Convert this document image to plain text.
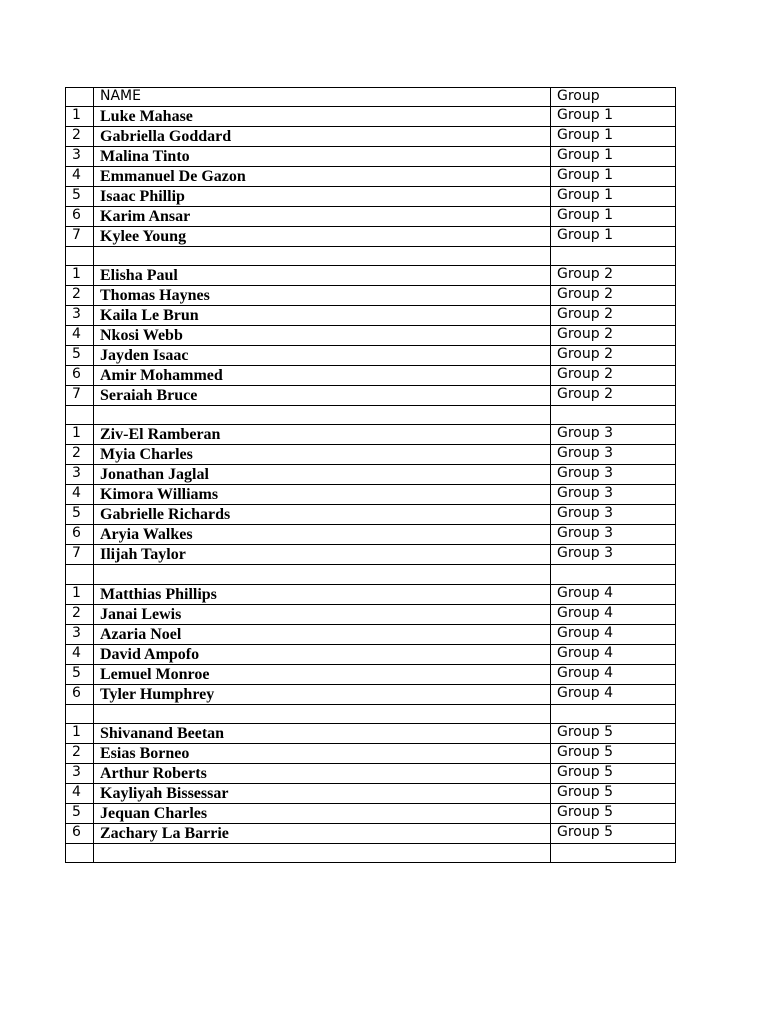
	NAME	Group
1	Luke Mahase	Group 1
2	Gabriella Goddard	Group 1
3	Malina Tinto	Group 1
4	Emmanuel De Gazon	Group 1
5	Isaac Phillip	Group 1
6	Karim Ansar	Group 1
7	Kylee Young	Group 1

1	Elisha Paul	Group 2
2	Thomas Haynes	Group 2
3	Kaila Le Brun	Group 2
4	Nkosi Webb	Group 2
5	Jayden Isaac	Group 2
6	Amir Mohammed	Group 2
7	Seraiah Bruce	Group 2

1	Ziv-El Ramberan	Group 3
2	Myia Charles	Group 3
3	Jonathan Jaglal	Group 3
4	Kimora Williams	Group 3
5	Gabrielle Richards	Group 3
6	Aryia Walkes	Group 3
7	Ilijah Taylor	Group 3

1	Matthias Phillips	Group 4
2	Janai Lewis	Group 4
3	Azaria Noel	Group 4
4	David Ampofo	Group 4
5	Lemuel Monroe	Group 4
6	Tyler Humphrey	Group 4

1	Shivanand Beetan	Group 5
2	Esias Borneo	Group 5
3	Arthur Roberts	Group 5
4	Kayliyah Bissessar	Group 5
5	Jequan Charles	Group 5
6	Zachary La Barrie	Group 5
